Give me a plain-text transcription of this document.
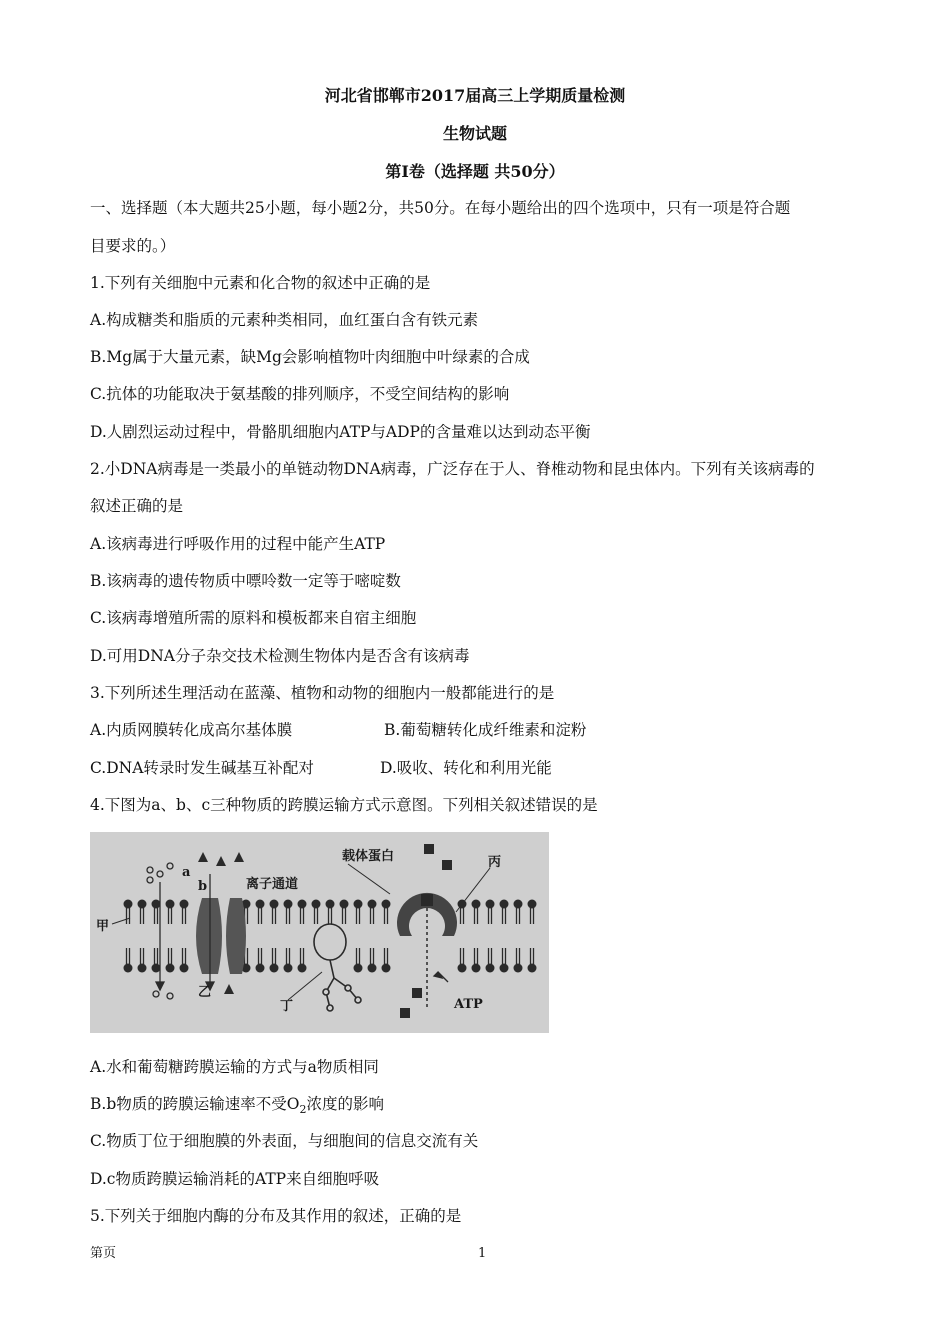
河北省邯郸市2017届高三上学期质量检测
生物试题
第Ⅰ卷（选择题 共50分）
一、选择题（本大题共25小题，每小题2分，共50分。在每小题给出的四个选项中，只有一项是符合题
目要求的。）
1.下列有关细胞中元素和化合物的叙述中正确的是
A.构成糖类和脂质的元素种类相同，血红蛋白含有铁元素
B.Mg属于大量元素，缺Mg会影响植物叶肉细胞中叶绿素的合成
C.抗体的功能取决于氨基酸的排列顺序，不受空间结构的影响
D.人剧烈运动过程中，骨骼肌细胞内ATP与ADP的含量难以达到动态平衡
2.小DNA病毒是一类最小的单链动物DNA病毒，广泛存在于人、脊椎动物和昆虫体内。下列有关该病毒的
叙述正确的是
A.该病毒进行呼吸作用的过程中能产生ATP
B.该病毒的遗传物质中嘌呤数一定等于嘧啶数
C.该病毒增殖所需的原料和模板都来自宿主细胞
D.可用DNA分子杂交技术检测生物体内是否含有该病毒
3.下列所述生理活动在蓝藻、植物和动物的细胞内一般都能进行的是
A.内质网膜转化成高尔基体膜	B.葡萄糖转化成纤维素和淀粉
C.DNA转录时发生碱基互补配对	D.吸收、转化和利用光能
4.下图为a、b、c三种物质的跨膜运输方式示意图。下列相关叙述错误的是
甲
乙
丙
丁
a
b	离子通道
载体蛋白
ATP
A.水和葡萄糖跨膜运输的方式与a物质相同
B.b物质的跨膜运输速率不受$O_2$浓度的影响
C.物质丁位于细胞膜的外表面，与细胞间的信息交流有关
D.c物质跨膜运输消耗的ATP来自细胞呼吸
5.下列关于细胞内酶的分布及其作用的叙述，正确的是
第页	1
